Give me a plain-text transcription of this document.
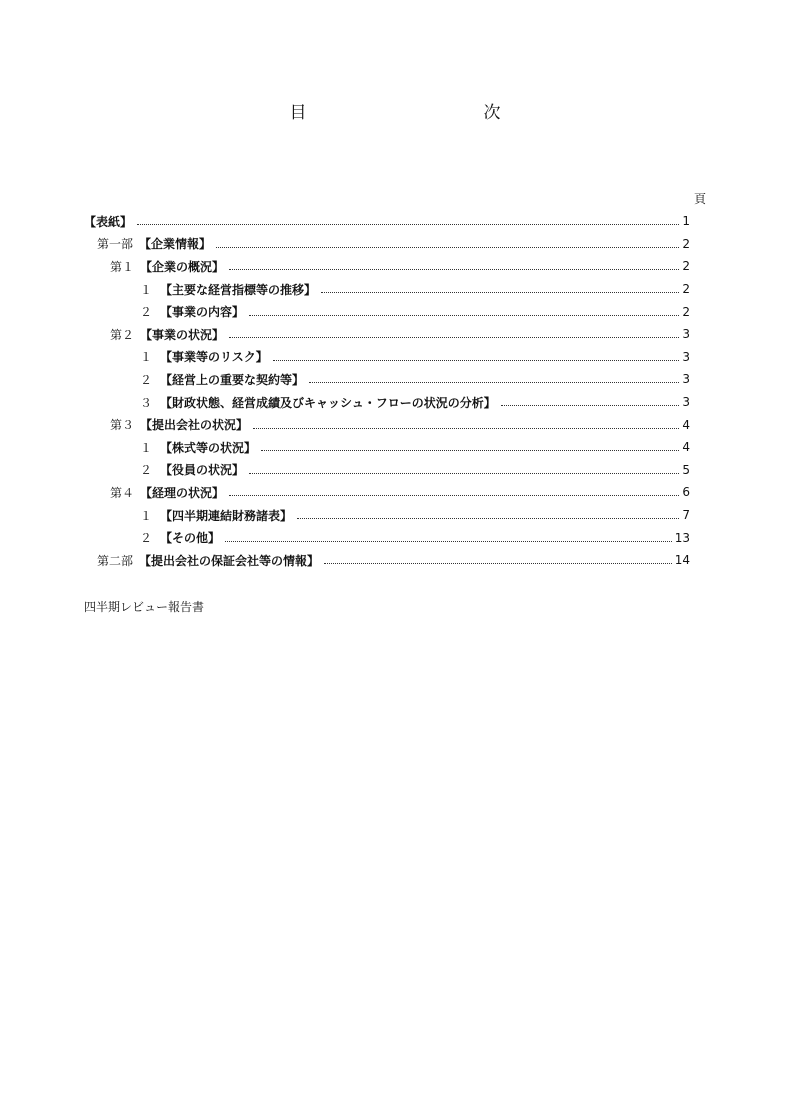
目　次
頁
【表紙】	1
第一部 【企業情報】	2
第１ 【企業の概況】	2
１ 【主要な経営指標等の推移】	2
２ 【事業の内容】	2
第２ 【事業の状況】	3
１ 【事業等のリスク】	3
２ 【経営上の重要な契約等】	3
３ 【財政状態、経営成績及びキャッシュ・フローの状況の分析】	3
第３ 【提出会社の状況】	4
１ 【株式等の状況】	4
２ 【役員の状況】	5
第４ 【経理の状況】	6
１ 【四半期連結財務諸表】	7
２ 【その他】	13
第二部 【提出会社の保証会社等の情報】	14
四半期レビュー報告書
